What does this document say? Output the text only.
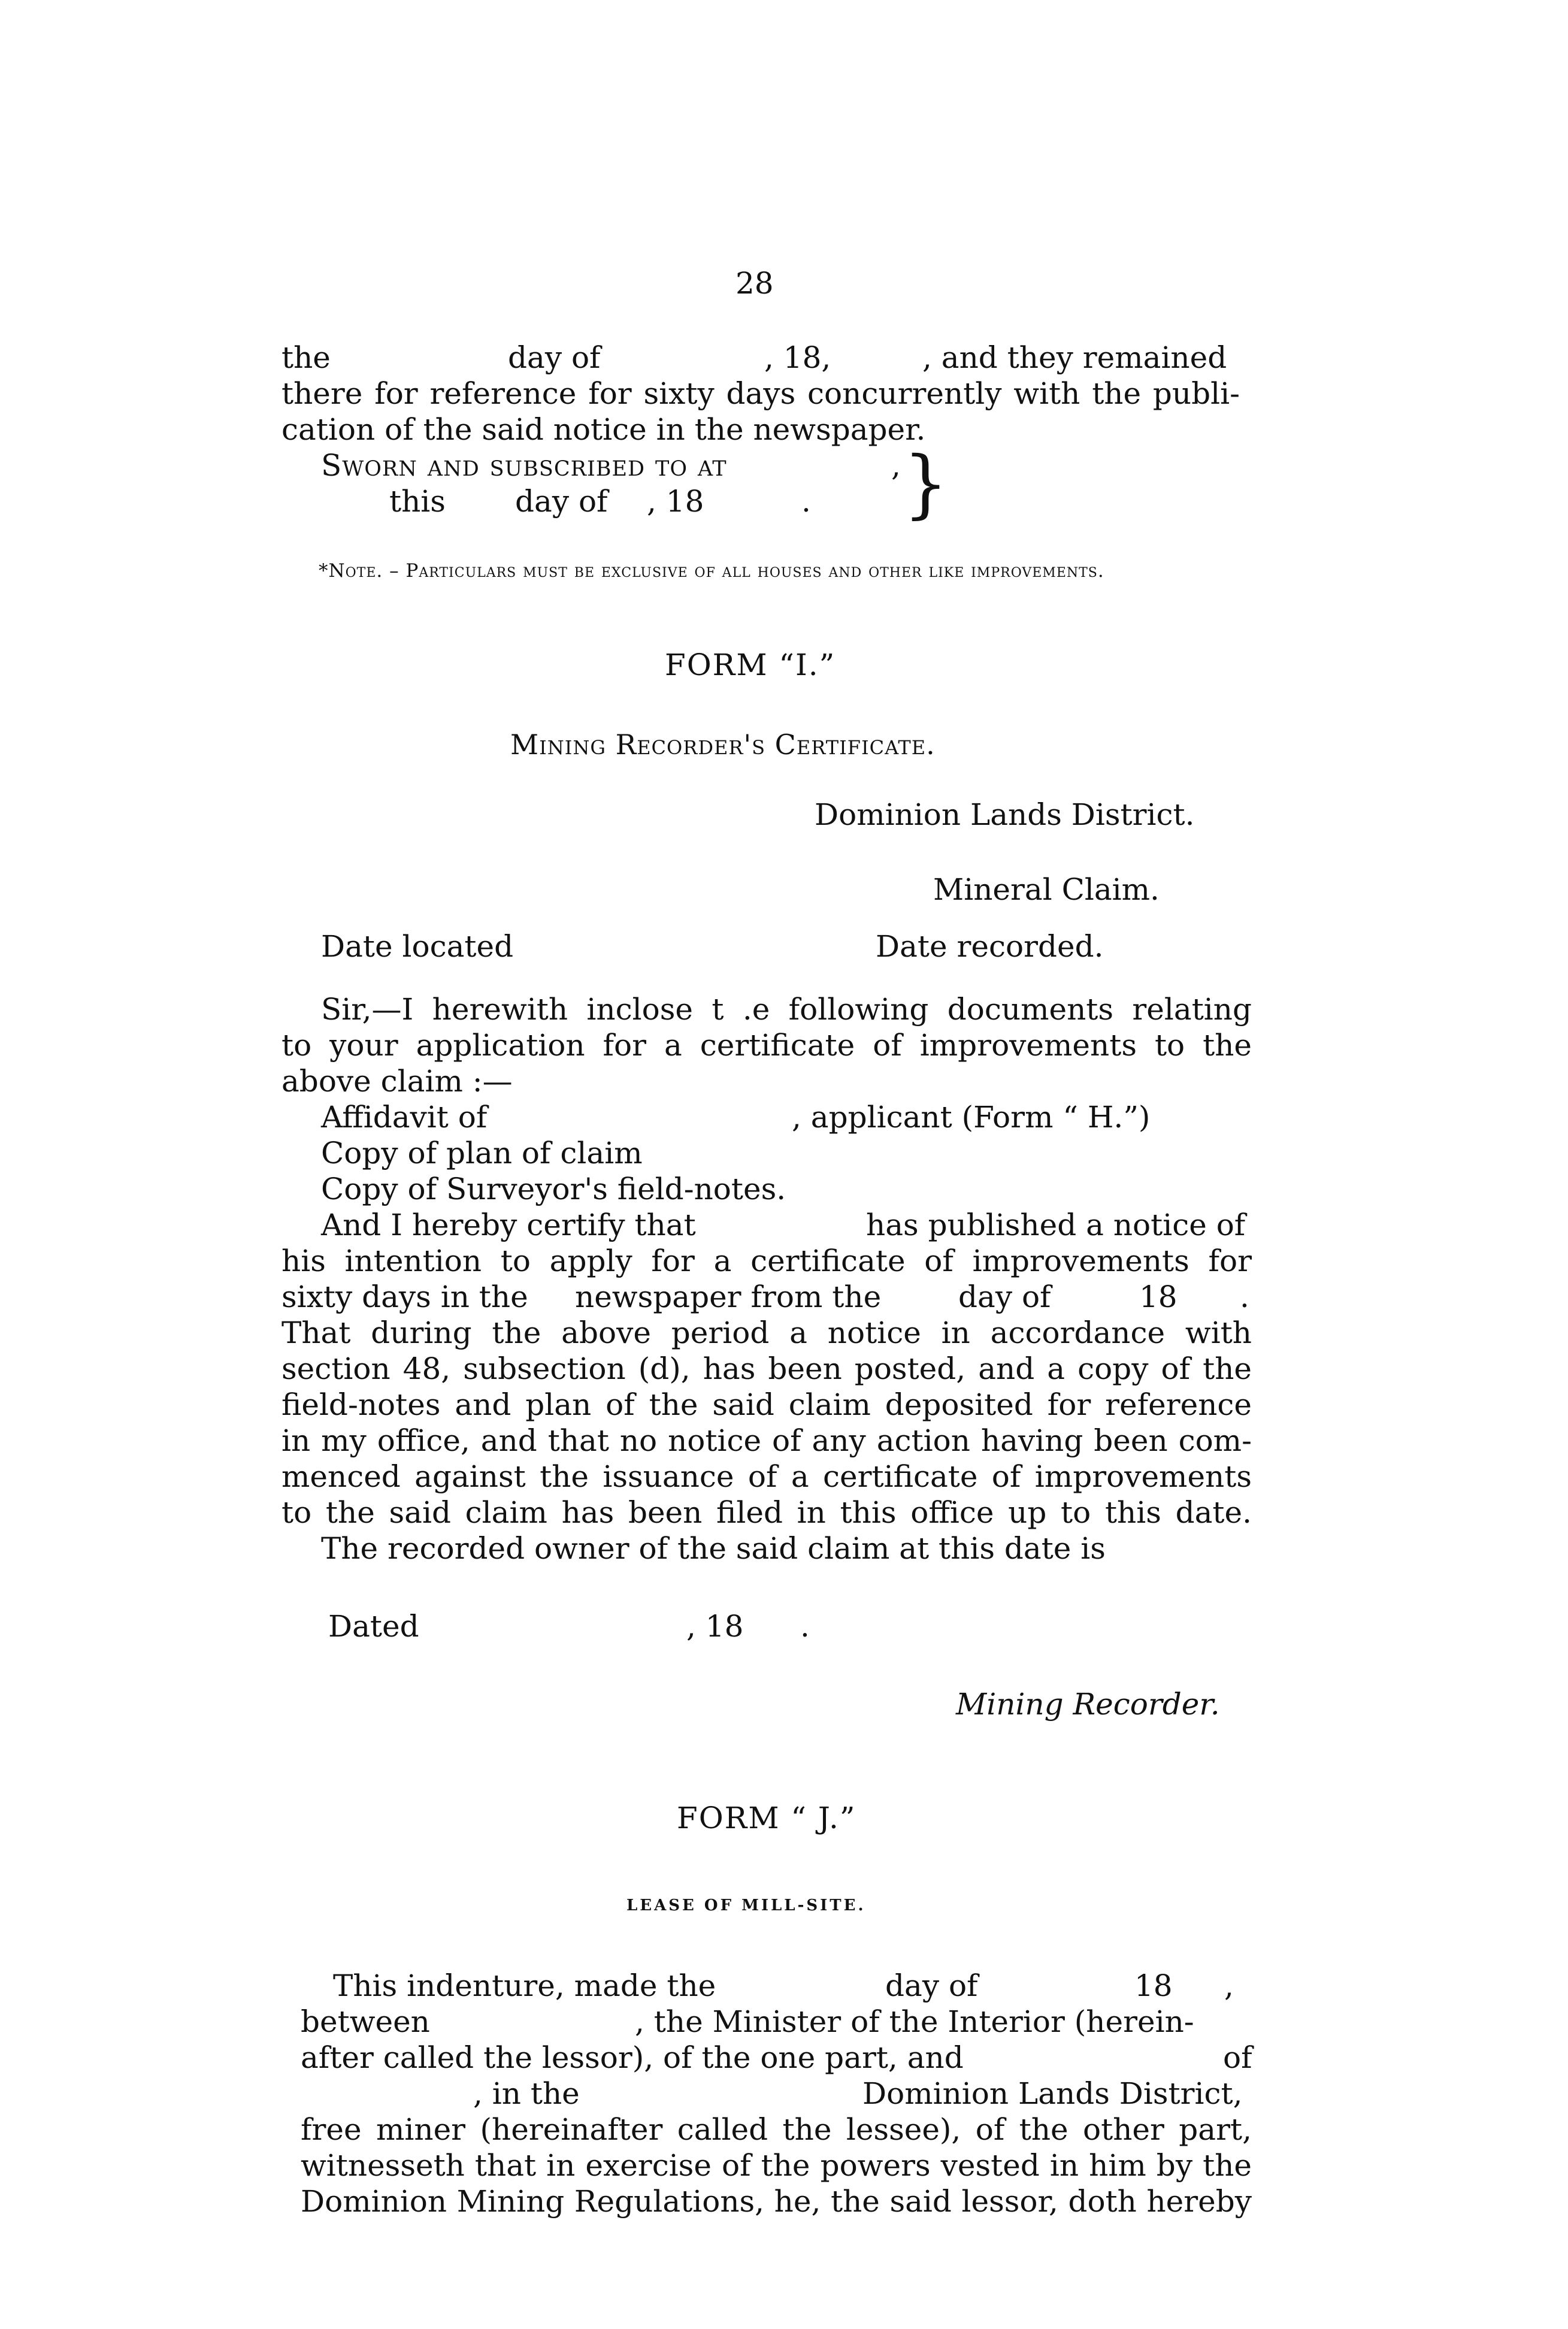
28
the	day of	, 18,	, and they remained
there for reference for sixty days concurrently with the publi-
cation of the said notice in the newspaper.
Sworn and subscribed to at	,
this day of , 18	. }
*Note. – Particulars must be exclusive of all houses and other like improvements.
FORM “I.”
Mining Recorder's Certificate.
Dominion Lands District.
Mineral Claim.
Date located	Date recorded.
Sir,—I herewith inclose t .e following documents relating
to your application for a certificate of improvements to the
above claim :—
Affidavit of	, applicant (Form “ H.”)
Copy of plan of claim
Copy of Surveyor's field-notes.
And I hereby certify that	has published a notice of
his intention to apply for a certificate of improvements for
sixty days in the newspaper from the	day of	18 .
That during the above period a notice in accordance with
section 48, subsection (d), has been posted, and a copy of the
field-notes and plan of the said claim deposited for reference
in my office, and that no notice of any action having been com-
menced against the issuance of a certificate of improvements
to the said claim has been filed in this office up to this date.
The recorded owner of the said claim at this date is
Dated	, 18 .
Mining Recorder.
FORM “ J.”
LEASE OF MILL-SITE.
This indenture, made the	day of	18 ,
between	, the Minister of the Interior (herein-
after called the lessor), of the one part, and	of
, in the	Dominion Lands District,
free miner (hereinafter called the lessee), of the other part,
witnesseth that in exercise of the powers vested in him by the
Dominion Mining Regulations, he, the said lessor, doth hereby
